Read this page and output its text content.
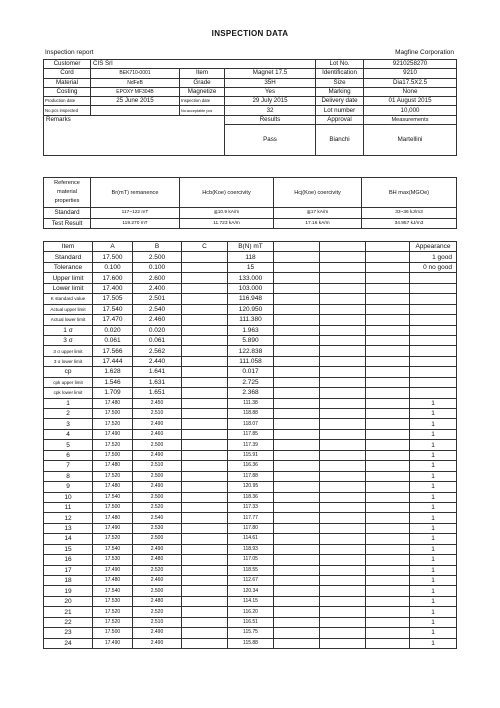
INSPECTION DATA
Inspection report	Magfine Corporation
Customer	CIS Srl			Lot No.	9210258270
Cord	BEK710-0001	Item	Magnet 17.5	Identification	9210
Material	NdFeB	Grade	35H	Size	Dia17.5X2.5
Costing	EPOXY MF304B	Magnetize	Yes	Marking	None
Production date	25 June 2015	Inspection date	29 July 2015	Delivery date	01 August 2015
No.pcs inspected		No.acceptable pcs	32	Lot number	10,000
Remarks			Results	Approval	Measurements
			Pass	Bianchi	Martellini
Reference
material
properties	Br(mT) remanence	Hcb(Koe) coercivity	Hcj(Koe) coercivity	BH max(MGOe)
Standard	117~122 mT	≧10.9 kA/m	≧17 kA/m	33~36 kJ/m3
Test Result	119.270 mT	11.723 kA/m	17.16 kA/m	34.957 kJ/m3
Item	A	B	C	B(N) mT				Appearance
Standard	17.500	2.500		118				1 good
Tolerance	0.100	0.100		15				0 no good
Upper limit	17.600	2.600		133.000				
Lower limit	17.400	2.400		103.000				
K standard value	17.505	2.501		116.948				
Actual upper limit	17.540	2.540		120.950				
Actual lower limit	17.470	2.460		111.380				
1 σ	0.020	0.020		1.963				
3 σ	0.061	0.061		5.890				
3 σ upper limit	17.566	2.562		122.838				
3 σ lower limit	17.444	2.440		111.058				
cp	1.628	1.641		0.017				
cpk upper limit	1.546	1.631		2.725				
cpk lower limit	1.709	1.651		2.368				
1	17.480	2.450		111.38				1
2	17.500	2.510		118.88				1
3	17.520	2.490		118.07				1
4	17.490	2.460		117.85				1
5	17.520	2.500		117.39				1
6	17.500	2.490		115.91				1
7	17.480	2.510		116.36				1
8	17.520	2.500		117.88				1
9	17.480	2.490		120.95				1
10	17.540	2.500		118.36				1
11	17.500	2.520		117.33				1
12	17.480	2.540		117.77				1
13	17.490	2.530		117.80				1
14	17.520	2.500		114.61				1
15	17.540	2.490		118.93				1
16	17.530	2.480		117.05				1
17	17.490	2.520		118.55				1
18	17.480	2.460		112.67				1
19	17.540	2.500		120.34				1
20	17.530	2.480		114.15				1
21	17.520	2.520		116.20				1
22	17.520	2.510		116.51				1
23	17.500	2.490		115.75				1
24	17.490	2.490		115.88				1
